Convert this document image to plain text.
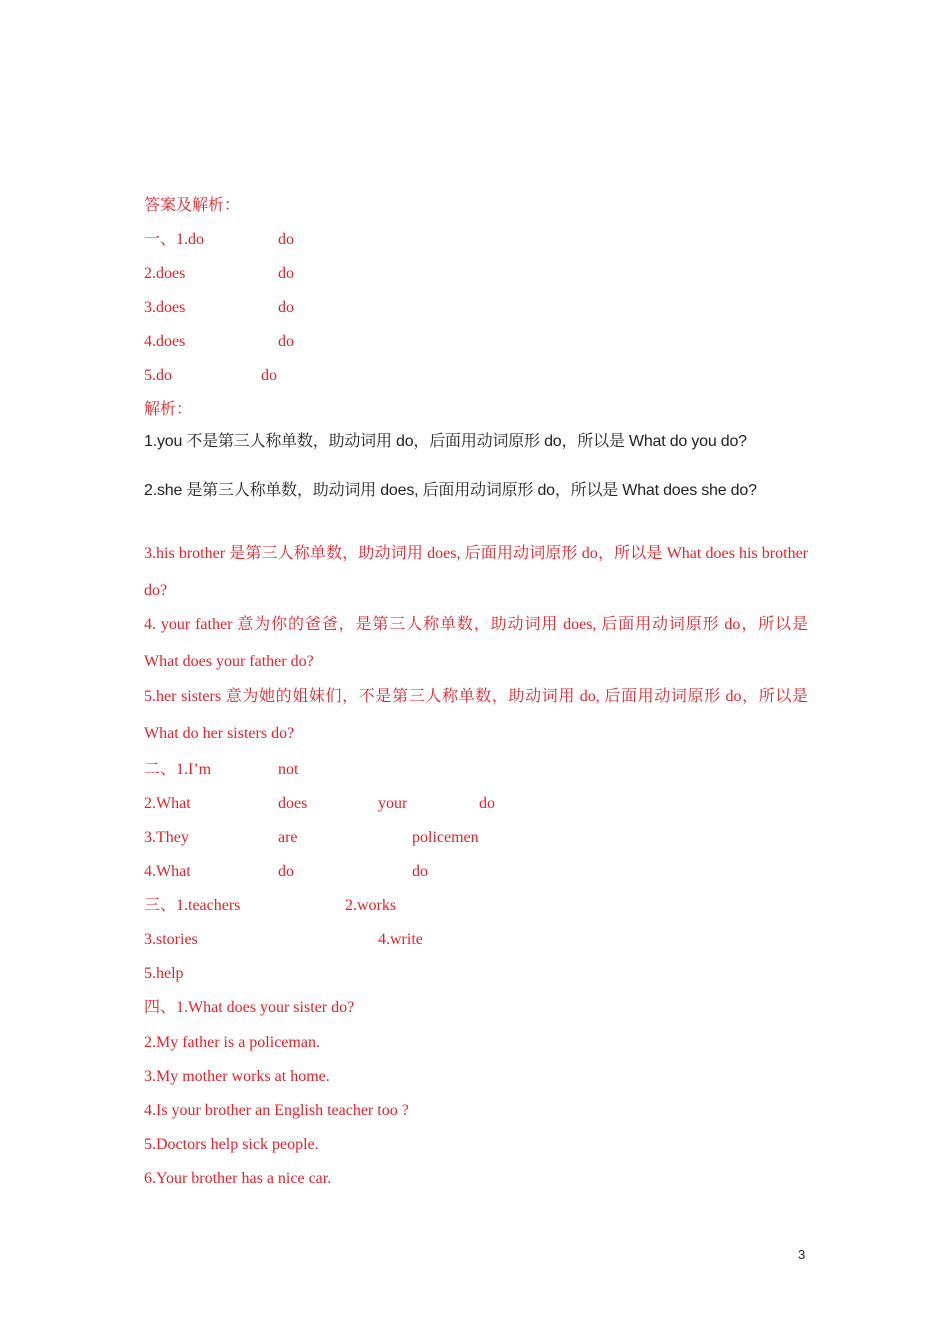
答案及解析：
一、1.do	do
2.does	do
3.does	do
4.does	do
5.do	do
解析：
1.you 不是第三人称单数，助动词用 do，后面用动词原形 do，所以是 What do you do?
2.she 是第三人称单数，助动词用 does, 后面用动词原形 do，所以是 What does she do?
3.his brother 是第三人称单数，助动词用 does, 后面用动词原形 do，所以是 What does his brother do?
4. your father 意为你的爸爸，是第三人称单数，助动词用 does, 后面用动词原形 do，所以是 What does your father do?
5.her sisters 意为她的姐妹们，不是第三人称单数，助动词用 do, 后面用动词原形 do，所以是 What do her sisters do?
二、1.I’m	not
2.What	does	your	do
3.They	are	policemen
4.What	do	do
三、1.teachers	2.works
3.stories	4.write
5.help
四、1.What does your sister do?
2.My father is a policeman.
3.My mother works at home.
4.Is your brother an English teacher too ?
5.Doctors help sick people.
6.Your brother has a nice car.
3
